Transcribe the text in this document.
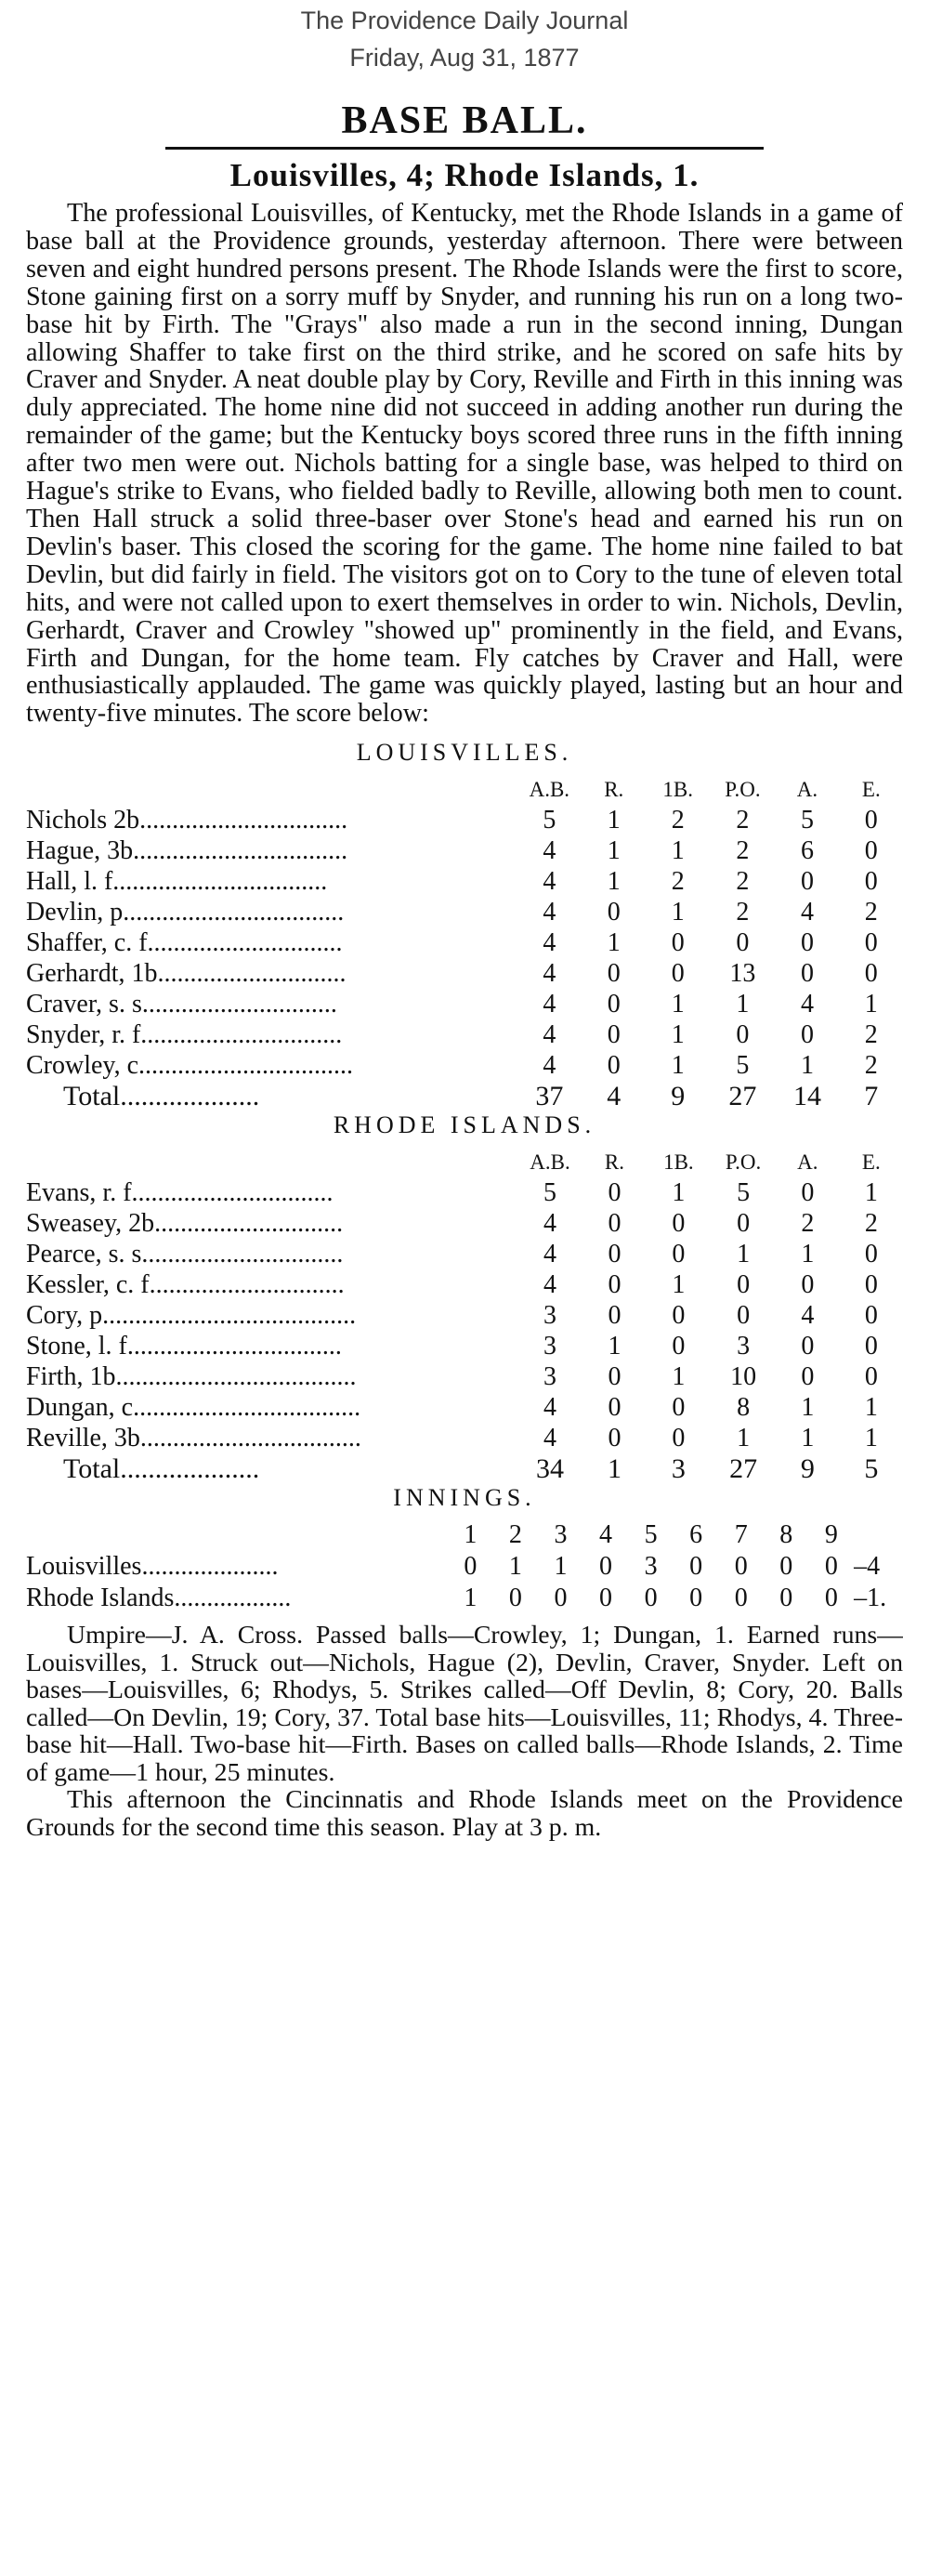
The Providence Daily Journal
Friday, Aug 31, 1877
BASE BALL.
Louisvilles, 4; Rhode Islands, 1.

The professional Louisvilles, of Kentucky, met the Rhode Islands in a game of base ball at the Providence grounds, yesterday afternoon. There were between seven and eight hundred persons present. The Rhode Islands were the first to score, Stone gaining first on a sorry muff by Snyder, and running his run on a long two-base hit by Firth. The "Grays" also made a run in the second inning, Dungan allowing Shaffer to take first on the third strike, and he scored on safe hits by Craver and Snyder. A neat double play by Cory, Reville and Firth in this inning was duly appreciated. The home nine did not succeed in adding another run during the remainder of the game; but the Kentucky boys scored three runs in the fifth inning after two men were out. Nichols batting for a single base, was helped to third on Hague's strike to Evans, who fielded badly to Reville, allowing both men to count. Then Hall struck a solid three-baser over Stone's head and earned his run on Devlin's baser. This closed the scoring for the game. The home nine failed to bat Devlin, but did fairly in field. The visitors got on to Cory to the tune of eleven total hits, and were not called upon to exert themselves in order to win. Nichols, Devlin, Gerhardt, Craver and Crowley "showed up" prominently in the field, and Evans, Firth and Dungan, for the home team. Fly catches by Craver and Hall, were enthusiastically applauded. The game was quickly played, lasting but an hour and twenty-five minutes. The score below:

LOUISVILLES.
	A.B.	R.	1B.	P.O.	A.	E.
Nichols 2b................................	5	1	2	2	5	0
Hague, 3b.................................	4	1	1	2	6	0
Hall, l. f.................................	4	1	2	2	0	0
Devlin, p..................................	4	0	1	2	4	2
Shaffer, c. f..............................	4	1	0	0	0	0
Gerhardt, 1b.............................	4	0	0	13	0	0
Craver, s. s..............................	4	0	1	1	4	1
Snyder, r. f...............................	4	0	1	0	0	2
Crowley, c.................................	4	0	1	5	1	2
Total....................	37	4	9	27	14	7
RHODE ISLANDS.
	A.B.	R.	1B.	P.O.	A.	E.
Evans, r. f...............................	5	0	1	5	0	1
Sweasey, 2b.............................	4	0	0	0	2	2
Pearce, s. s...............................	4	0	0	1	1	0
Kessler, c. f..............................	4	0	1	0	0	0
Cory, p.......................................	3	0	0	0	4	0
Stone, l. f.................................	3	1	0	3	0	0
Firth, 1b.....................................	3	0	1	10	0	0
Dungan, c...................................	4	0	0	8	1	1
Reville, 3b..................................	4	0	0	1	1	1
Total....................	34	1	3	27	9	5
INNINGS.
	1	2	3	4	5	6	7	8	9	
Louisvilles.....................	0	1	1	0	3	0	0	0	0	–4
Rhode Islands..................	1	0	0	0	0	0	0	0	0	–1.
Umpire—J. A. Cross. Passed balls—Crowley, 1; Dungan, 1. Earned runs—Louisvilles, 1. Struck out—Nichols, Hague (2), Devlin, Craver, Snyder. Left on bases—Louisvilles, 6; Rhodys, 5. Strikes called—Off Devlin, 8; Cory, 20. Balls called—On Devlin, 19; Cory, 37. Total base hits—Louisvilles, 11; Rhodys, 4. Three-base hit—Hall. Two-base hit—Firth. Bases on called balls—Rhode Islands, 2. Time of game—1 hour, 25 minutes.
This afternoon the Cincinnatis and Rhode Islands meet on the Providence Grounds for the second time this season. Play at 3 p. m.
